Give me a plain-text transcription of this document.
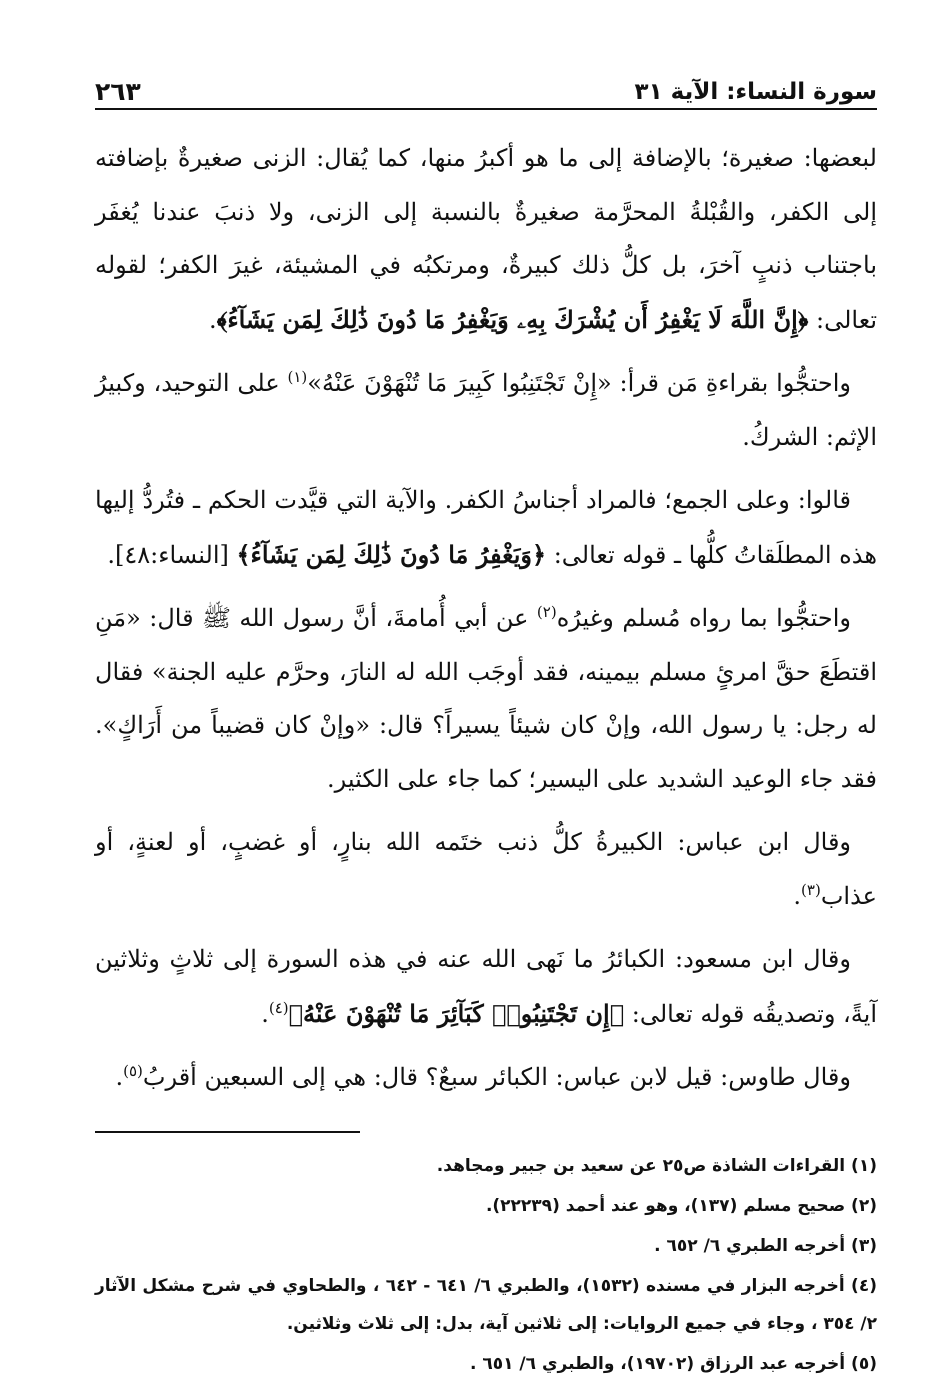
سورة النساء: الآية ٣١
٢٦٣

لبعضها: صغيرة؛ بالإضافة إلى ما هو أكبرُ منها، كما يُقال: الزنى صغيرةٌ بإضافته إلى الكفر، والقُبْلةُ المحرَّمة صغيرةٌ بالنسبة إلى الزنى، ولا ذنبَ عندنا يُغفَر باجتناب ذنبٍ آخرَ، بل كلُّ ذلك كبيرةٌ، ومرتكبُه في المشيئة، غيرَ الكفر؛ لقوله تعالى: ﴿إِنَّ اللَّهَ لَا يَغْفِرُ أَن يُشْرَكَ بِهِۦ وَيَغْفِرُ مَا دُونَ ذَٰلِكَ لِمَن يَشَآءُ﴾.

واحتجُّوا بقراءةِ مَن قرأ: «إِنْ تَجْتَنِبُوا كَبِيرَ مَا تُنْهَوْنَ عَنْهُ»$^{(١)}$ على التوحيد، وكبيرُ الإثم: الشركُ.

قالوا: وعلى الجمع؛ فالمراد أجناسُ الكفر. والآية التي قيَّدت الحكم ـ فتُردُّ إليها هذه المطلَقاتُ كلُّها ـ قوله تعالى: ﴿وَيَغْفِرُ مَا دُونَ ذَٰلِكَ لِمَن يَشَآءُ﴾ [النساء:٤٨].

واحتجُّوا بما رواه مُسلم وغيرُه$^{(٢)}$ عن أبي أُمامةَ، أنَّ رسول الله ﷺ قال: «مَنِ اقتطَعَ حقَّ امرئٍ مسلم بيمينه، فقد أوجَب الله له النارَ، وحرَّم عليه الجنة» فقال له رجل: يا رسول الله، وإنْ كان شيئاً يسيراً؟ قال: «وإنْ كان قضيباً من أَرَاكٍ». فقد جاء الوعيد الشديد على اليسير؛ كما جاء على الكثير.

وقال ابن عباس: الكبيرةُ كلُّ ذنب ختَمه الله بنارٍ، أو غضبٍ، أو لعنةٍ، أو عذاب$^{(٣)}$.

وقال ابن مسعود: الكبائرُ ما نَهى الله عنه في هذه السورة إلى ثلاثٍ وثلاثين آيةً، وتصديقُه قوله تعالى: ﴿إِن تَجْتَنِبُوا۟ كَبَآئِرَ مَا تُنْهَوْنَ عَنْهُ﴾$^{(٤)}$.

وقال طاوس: قيل لابن عباس: الكبائر سبعٌ؟ قال: هي إلى السبعين أقربُ$^{(٥)}$.

(١) القراءات الشاذة ص٢٥ عن سعيد بن جبير ومجاهد.

(٢) صحيح مسلم (١٣٧)، وهو عند أحمد (٢٢٢٣٩).

(٣) أخرجه الطبري ٦/ ٦٥٢ .

(٤) أخرجه البزار في مسنده (١٥٣٢)، والطبري ٦/ ٦٤١ - ٦٤٢ ، والطحاوي في شرح مشكل الآثار ٢/ ٣٥٤ ، وجاء في جميع الروايات: إلى ثلاثين آية، بدل: إلى ثلاث وثلاثين.

(٥) أخرجه عبد الرزاق (١٩٧٠٢)، والطبري ٦/ ٦٥١ .
